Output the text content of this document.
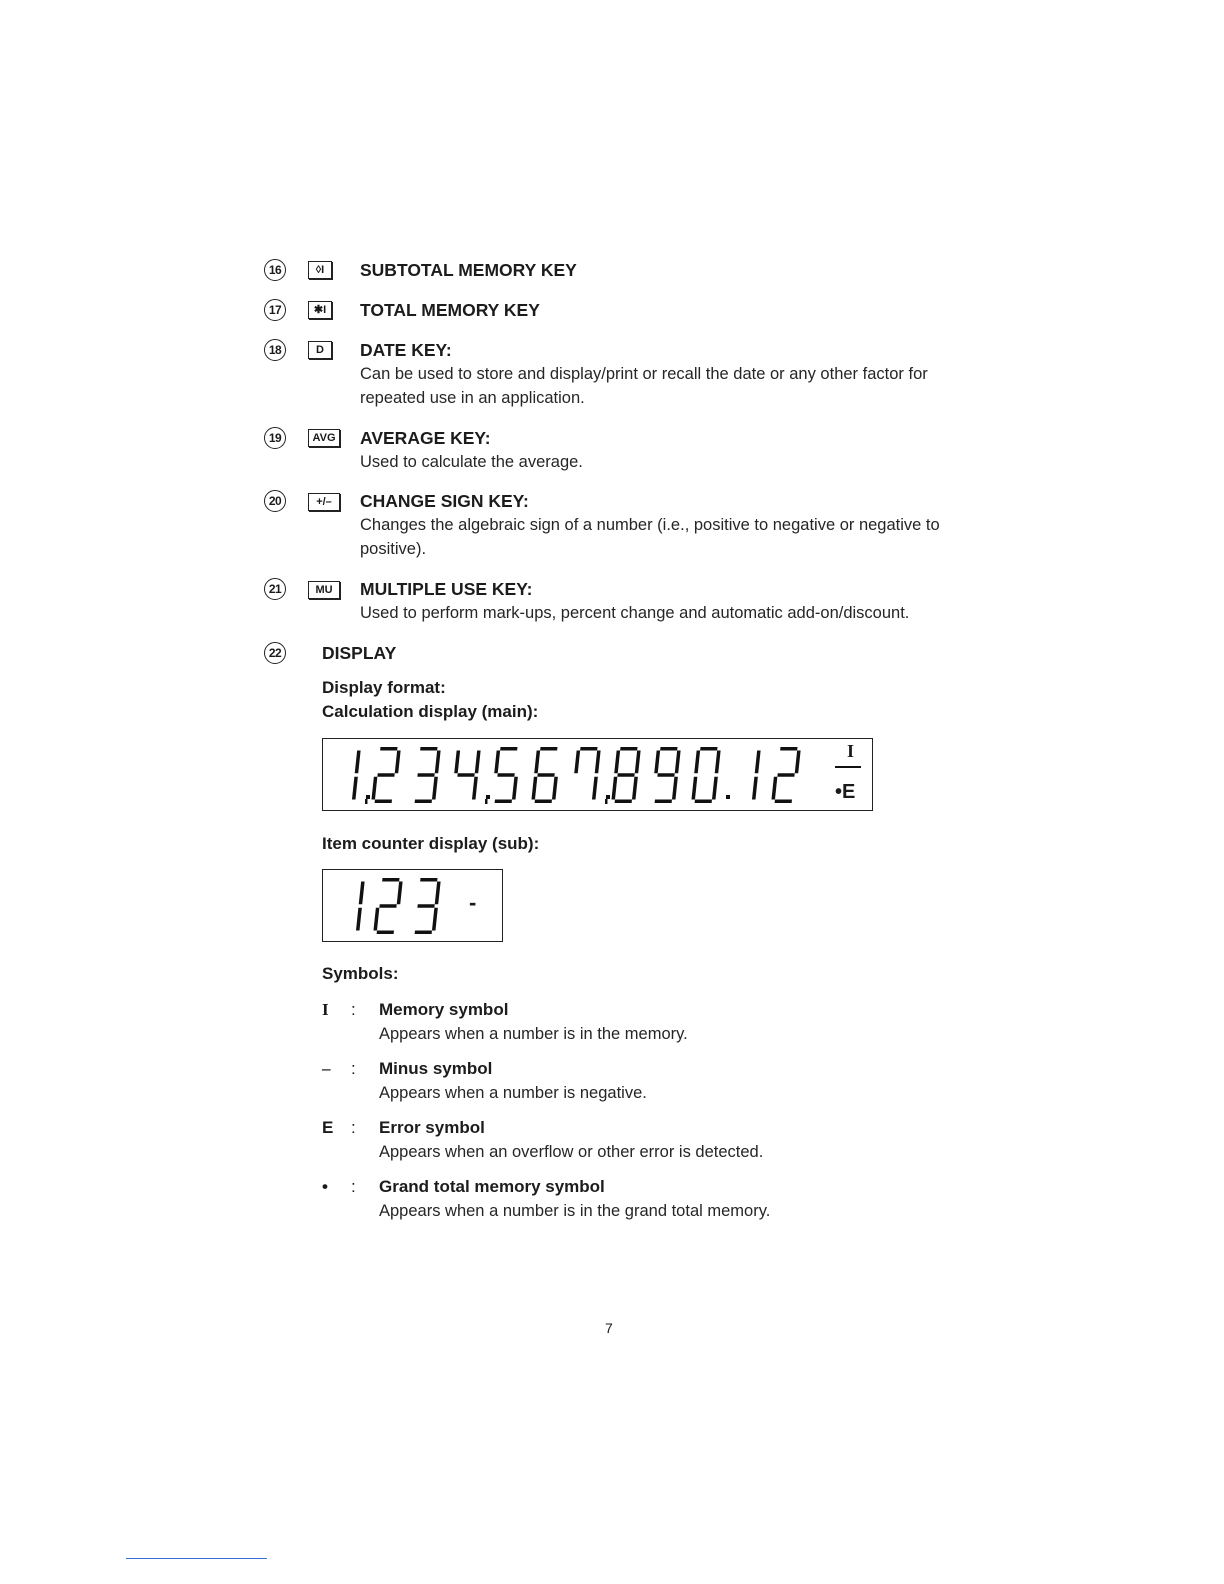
16	◊I	SUBTOTAL MEMORY KEY
17	✱I	TOTAL MEMORY KEY
18	D	DATE KEY:
Can be used to store and display/print or recall the date or any other factor for repeated use in an application.
19	AVG AVERAGE KEY:
Used to calculate the average.
20	+/–	CHANGE SIGN KEY:
Changes the algebraic sign of a number (i.e., positive to negative or negative to positive).
21	MU	MULTIPLE USE KEY:
Used to perform mark-ups, percent change and automatic add-on/discount.
22 DISPLAY
Display format:
Calculation display (main):
I
•E
Item counter display (sub):
-
Symbols:
I : Memory symbol
Appears when a number is in the memory.
– : Minus symbol
Appears when a number is negative.
E : Error symbol
Appears when an overflow or other error is detected.
• : Grand total memory symbol
Appears when a number is in the grand total memory.
7
